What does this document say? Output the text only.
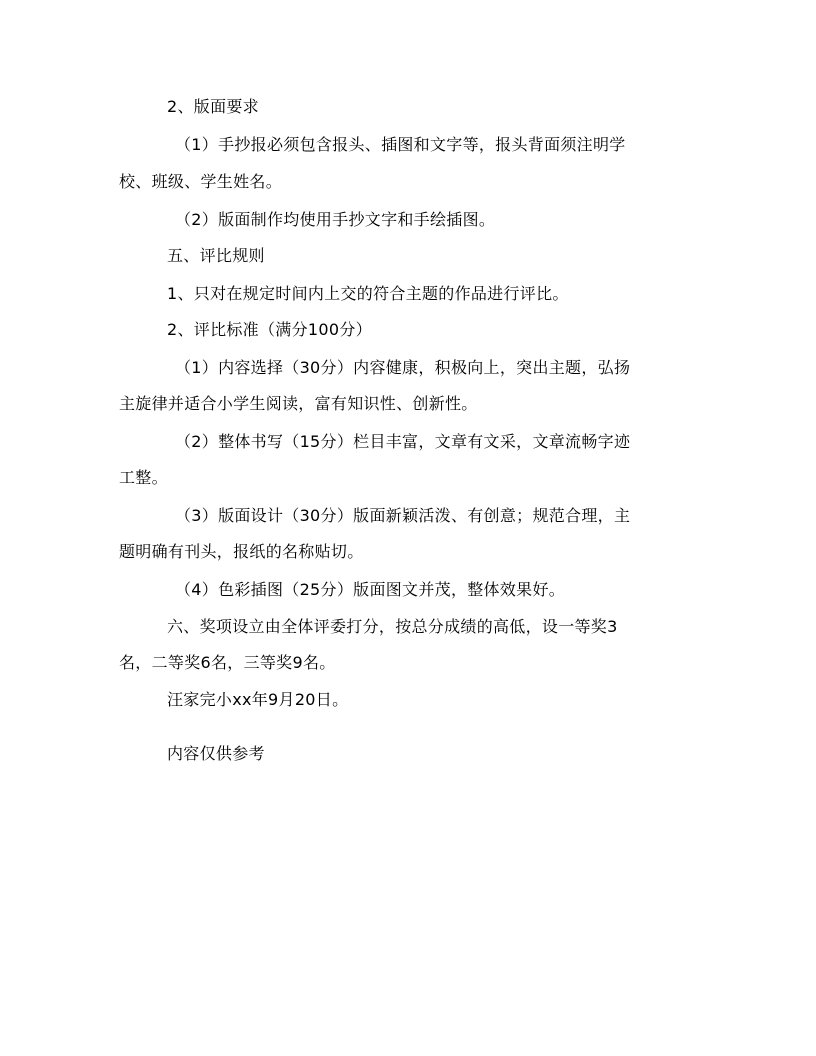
2、版面要求
（1）手抄报必须包含报头、插图和文字等，报头背面须注明学
校、班级、学生姓名。
（2）版面制作均使用手抄文字和手绘插图。
五、评比规则
1、只对在规定时间内上交的符合主题的作品进行评比。
2、评比标准（满分100分）
（1）内容选择（30分）内容健康，积极向上，突出主题，弘扬
主旋律并适合小学生阅读，富有知识性、创新性。
（2）整体书写（15分）栏目丰富，文章有文采，文章流畅字迹
工整。
（3）版面设计（30分）版面新颖活泼、有创意；规范合理，主
题明确有刊头，报纸的名称贴切。
（4）色彩插图（25分）版面图文并茂，整体效果好。
六、奖项设立由全体评委打分，按总分成绩的高低，设一等奖3
名，二等奖6名，三等奖9名。
汪家完小xx年9月20日。
内容仅供参考
